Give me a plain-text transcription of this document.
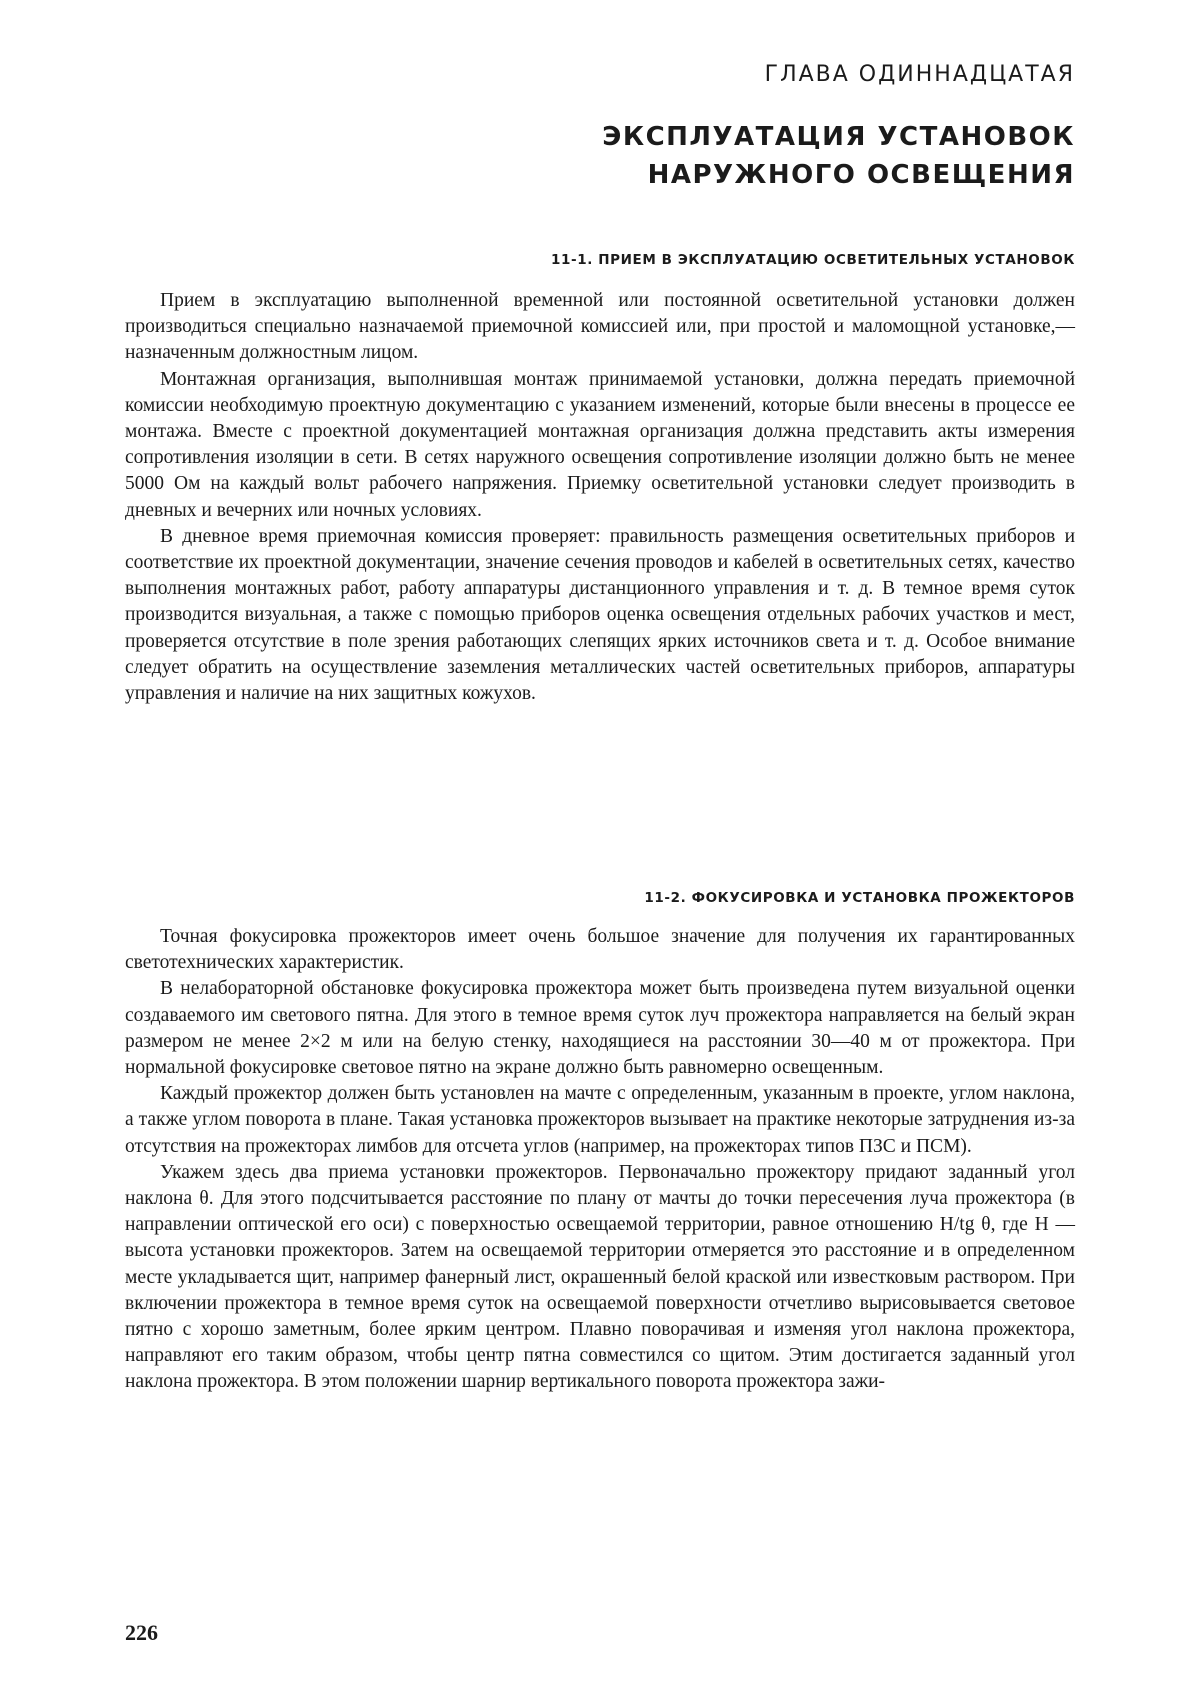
ГЛАВА ОДИННАДЦАТАЯ
ЭКСПЛУАТАЦИЯ УСТАНОВОК
НАРУЖНОГО ОСВЕЩЕНИЯ
11-1. ПРИЕМ В ЭКСПЛУАТАЦИЮ ОСВЕТИТЕЛЬНЫХ УСТАНОВОК

Прием в эксплуатацию выполненной временной или постоянной осветительной установки должен производиться специально назначаемой приемочной комиссией или, при простой и маломощной установке,— назначенным должностным лицом.

Монтажная организация, выполнившая монтаж принимаемой установки, должна передать приемочной комиссии необходимую проектную документацию с указанием изменений, которые были внесены в процессе ее монтажа. Вместе с проектной документацией монтажная организация должна представить акты измерения сопротивления изоляции в сети. В сетях наружного освещения сопротивление изоляции должно быть не менее 5000 Ом на каждый вольт рабочего напряжения. Приемку осветительной установки следует производить в дневных и вечерних или ночных условиях.

В дневное время приемочная комиссия проверяет: правильность размещения осветительных приборов и соответствие их проектной документации, значение сечения проводов и кабелей в осветительных сетях, качество выполнения монтажных работ, работу аппаратуры дистанционного управления и т. д. В темное время суток производится визуальная, а также с помощью приборов оценка освещения отдельных рабочих участков и мест, проверяется отсутствие в поле зрения работающих слепящих ярких источников света и т. д. Особое внимание следует обратить на осуществление заземления металлических частей осветительных приборов, аппаратуры управления и наличие на них защитных кожухов.

11-2. ФОКУСИРОВКА И УСТАНОВКА ПРОЖЕКТОРОВ

Точная фокусировка прожекторов имеет очень большое значение для получения их гарантированных светотехнических характеристик.

В нелабораторной обстановке фокусировка прожектора может быть произведена путем визуальной оценки создаваемого им светового пятна. Для этого в темное время суток луч прожектора направляется на белый экран размером не менее 2×2 м или на белую стенку, находящиеся на расстоянии 30—40 м от прожектора. При нормальной фокусировке световое пятно на экране должно быть равномерно освещенным.

Каждый прожектор должен быть установлен на мачте с определенным, указанным в проекте, углом наклона, а также углом поворота в плане. Такая установка прожекторов вызывает на практике некоторые затруднения из-за отсутствия на прожекторах лимбов для отсчета углов (например, на прожекторах типов ПЗС и ПСМ).

Укажем здесь два приема установки прожекторов. Первоначально прожектору придают заданный угол наклона θ. Для этого подсчитывается расстояние по плану от мачты до точки пересечения луча прожектора (в направлении оптической его оси) с поверхностью освещаемой территории, равное отношению H/tg θ, где H — высота установки прожекторов. Затем на освещаемой территории отмеряется это расстояние и в определенном месте укладывается щит, например фанерный лист, окрашенный белой краской или известковым раствором. При включении прожектора в темное время суток на освещаемой поверхности отчетливо вырисовывается световое пятно с хорошо заметным, более ярким центром. Плавно поворачивая и изменяя угол наклона прожектора, направляют его таким образом, чтобы центр пятна совместился со щитом. Этим достигается заданный угол наклона прожектора. В этом положении шарнир вертикального поворота прожектора зажи-

226
